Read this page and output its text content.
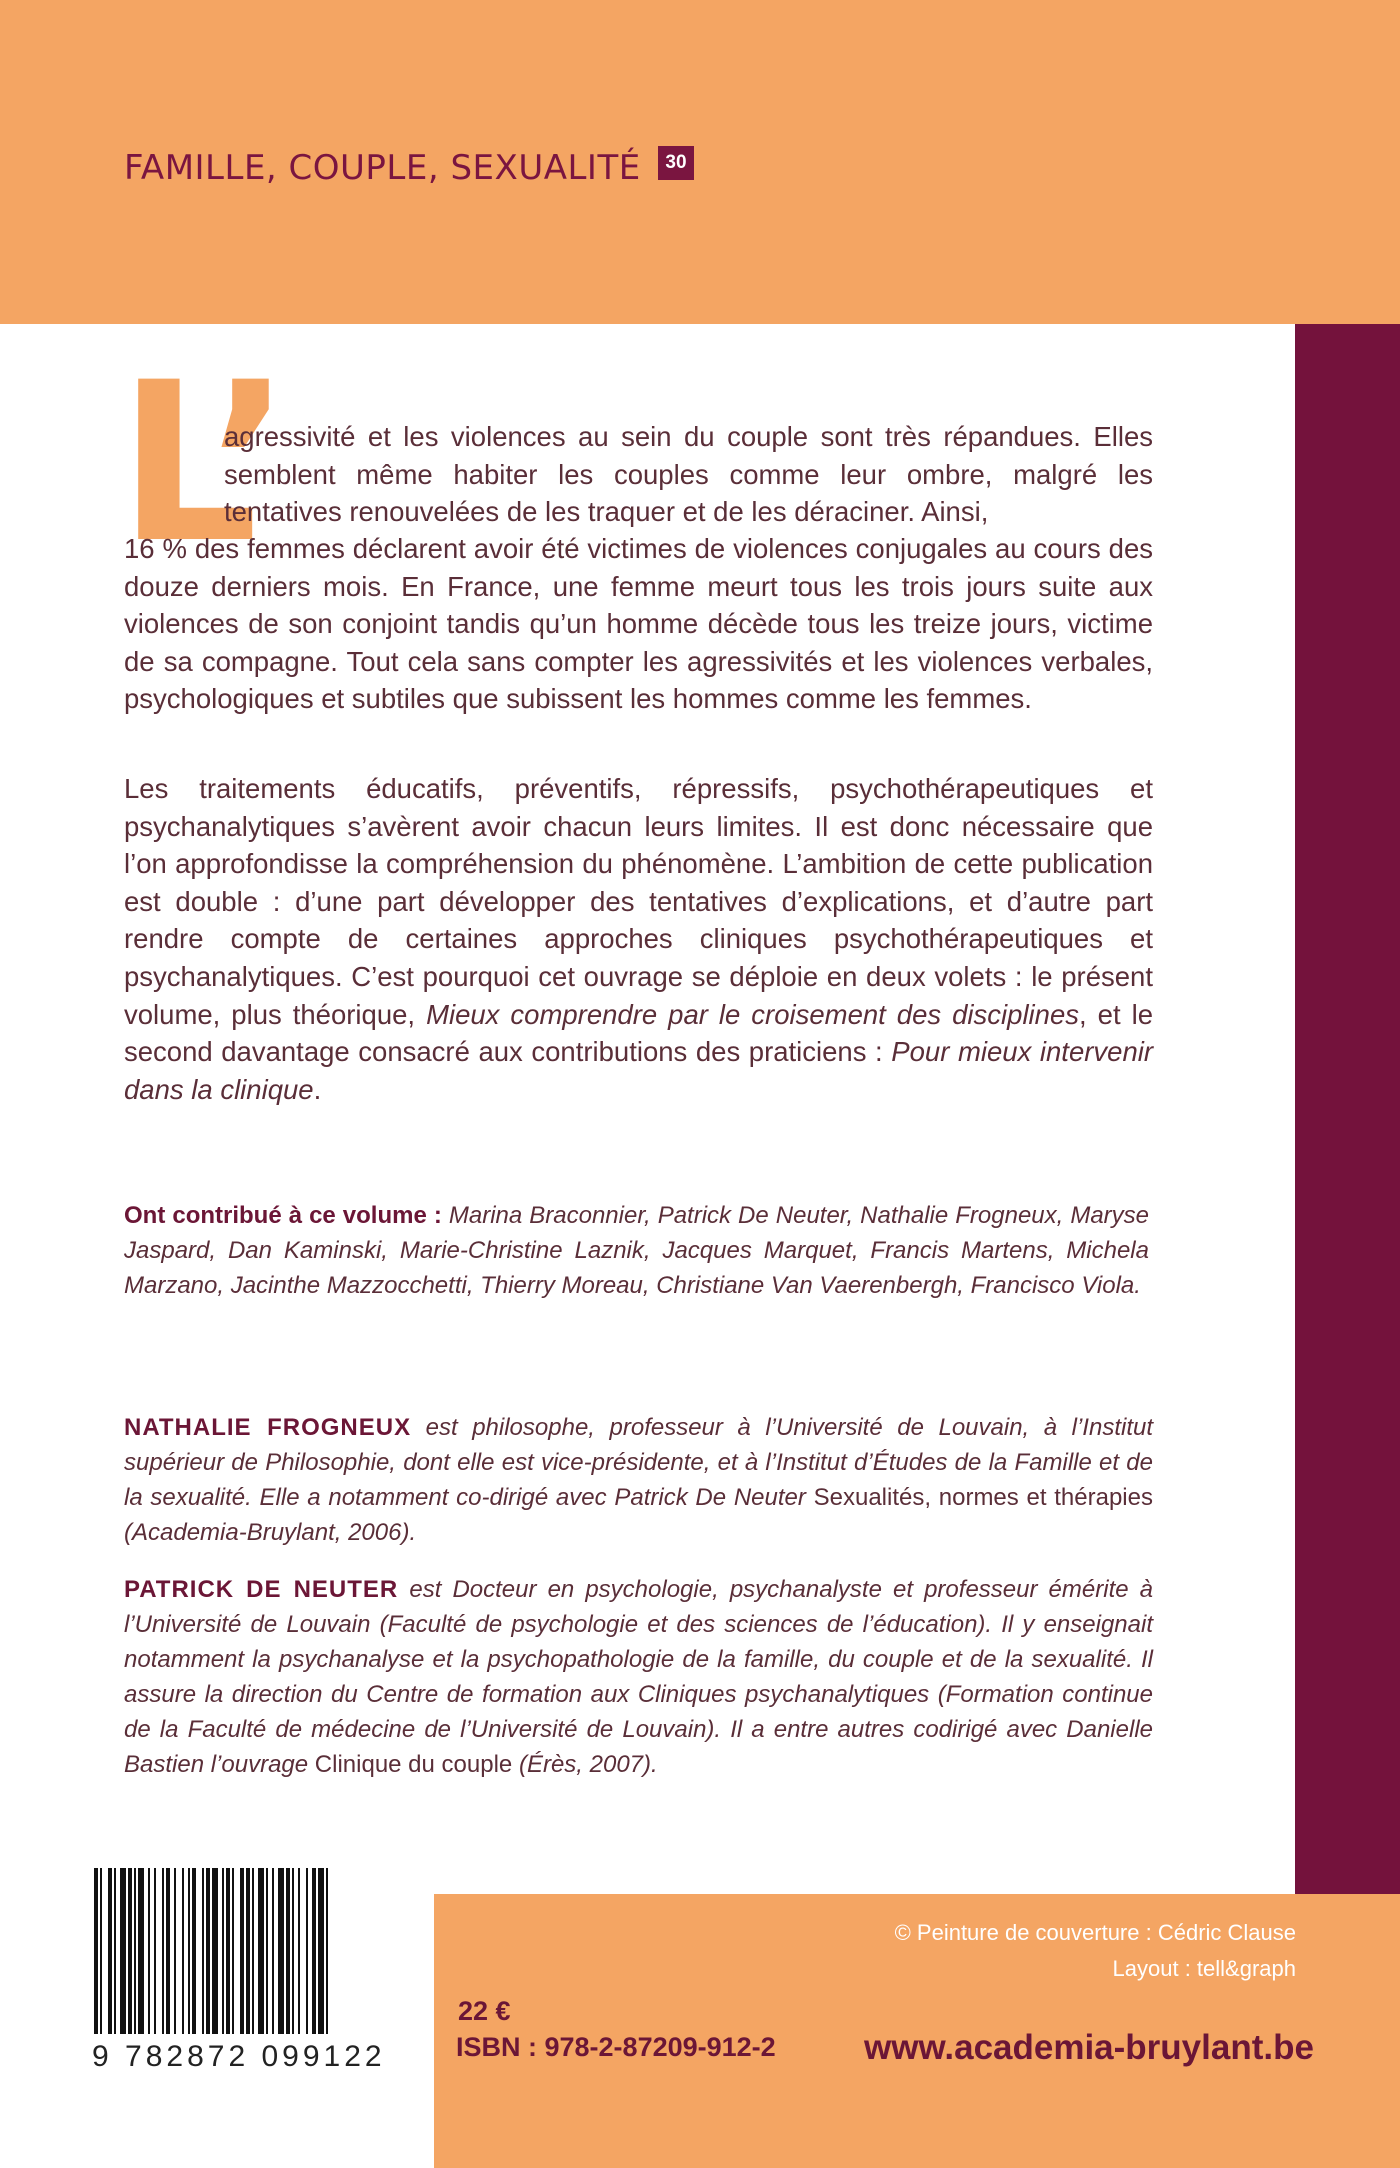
FAMILLE, COUPLE, SEXUALITÉ	30
L’

agressivité et les violences au sein du couple sont très répandues. Elles semblent même habiter les couples comme leur ombre, malgré les tentatives renouvelées de les traquer et de les déraciner. Ainsi,

16 % des femmes déclarent avoir été victimes de violences conjugales au cours des douze derniers mois. En France, une femme meurt tous les trois jours suite aux violences de son conjoint tandis qu’un homme décède tous les treize jours, victime de sa compagne. Tout cela sans compter les agressivités et les violences verbales, psychologiques et subtiles que subissent les hommes comme les femmes.

Les traitements éducatifs, préventifs, répressifs, psychothérapeutiques et psychanalytiques s’avèrent avoir chacun leurs limites. Il est donc nécessaire que l’on approfondisse la compréhension du phénomène. L’ambition de cette publication est double : d’une part développer des tentatives d’explications, et d’autre part rendre compte de certaines approches cliniques psychothérapeutiques et psychanalytiques. C’est pourquoi cet ouvrage se déploie en deux volets : le présent volume, plus théorique, Mieux comprendre par le croisement des disciplines, et le second davantage consacré aux contributions des praticiens : Pour mieux intervenir dans la clinique.

Ont contribué à ce volume : Marina Braconnier, Patrick De Neuter, Nathalie Frogneux, Maryse Jaspard, Dan Kaminski, Marie-Christine Laznik, Jacques Marquet, Francis Martens, Michela Marzano, Jacinthe Mazzocchetti, Thierry Moreau, Christiane Van Vaerenbergh, Francisco Viola.

NATHALIE FROGNEUX est philosophe, professeur à l’Université de Louvain, à l’Institut supérieur de Philosophie, dont elle est vice-présidente, et à l’Institut d’Études de la Famille et de la sexualité. Elle a notamment co-dirigé avec Patrick De Neuter Sexualités, normes et thérapies (Academia-Bruylant, 2006).

PATRICK DE NEUTER est Docteur en psychologie, psychanalyste et professeur émérite à l’Université de Louvain (Faculté de psychologie et des sciences de l’éducation). Il y enseignait notamment la psychanalyse et la psychopathologie de la famille, du couple et de la sexualité. Il assure la direction du Centre de formation aux Cliniques psychanalytiques (Formation continue de la Faculté de médecine de l’Université de Louvain). Il a entre autres codirigé avec Danielle Bastien l’ouvrage Clinique du couple (Érès, 2007).

9 782872 099122
© Peinture de couverture : Cédric Clause
Layout : tell&graph
22 €
ISBN : 978-2-87209-912-2	www.academia-bruylant.be
